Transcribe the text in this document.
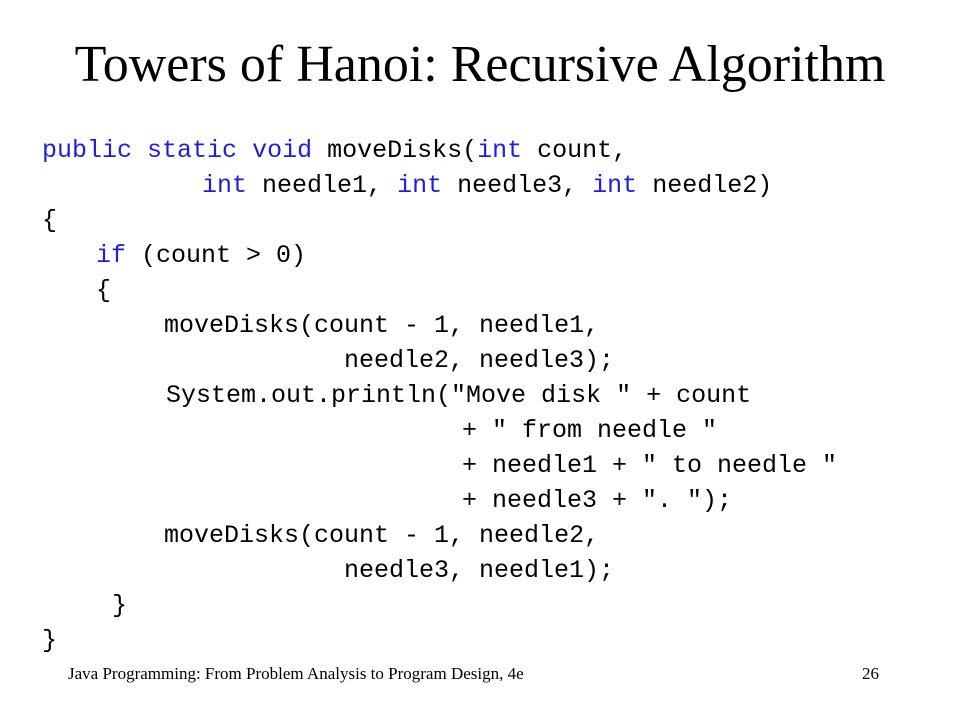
Towers of Hanoi: Recursive Algorithm
public static void moveDisks(int count,
int needle1, int needle3, int needle2)
{
if (count > 0)
{
moveDisks(count - 1, needle1,
needle2, needle3);
System.out.println("Move disk " + count
+ " from needle "
+ needle1 + " to needle "
+ needle3 + ". ");
moveDisks(count - 1, needle2,
needle3, needle1);
}
}
Java Programming: From Problem Analysis to Program Design, 4e	26
